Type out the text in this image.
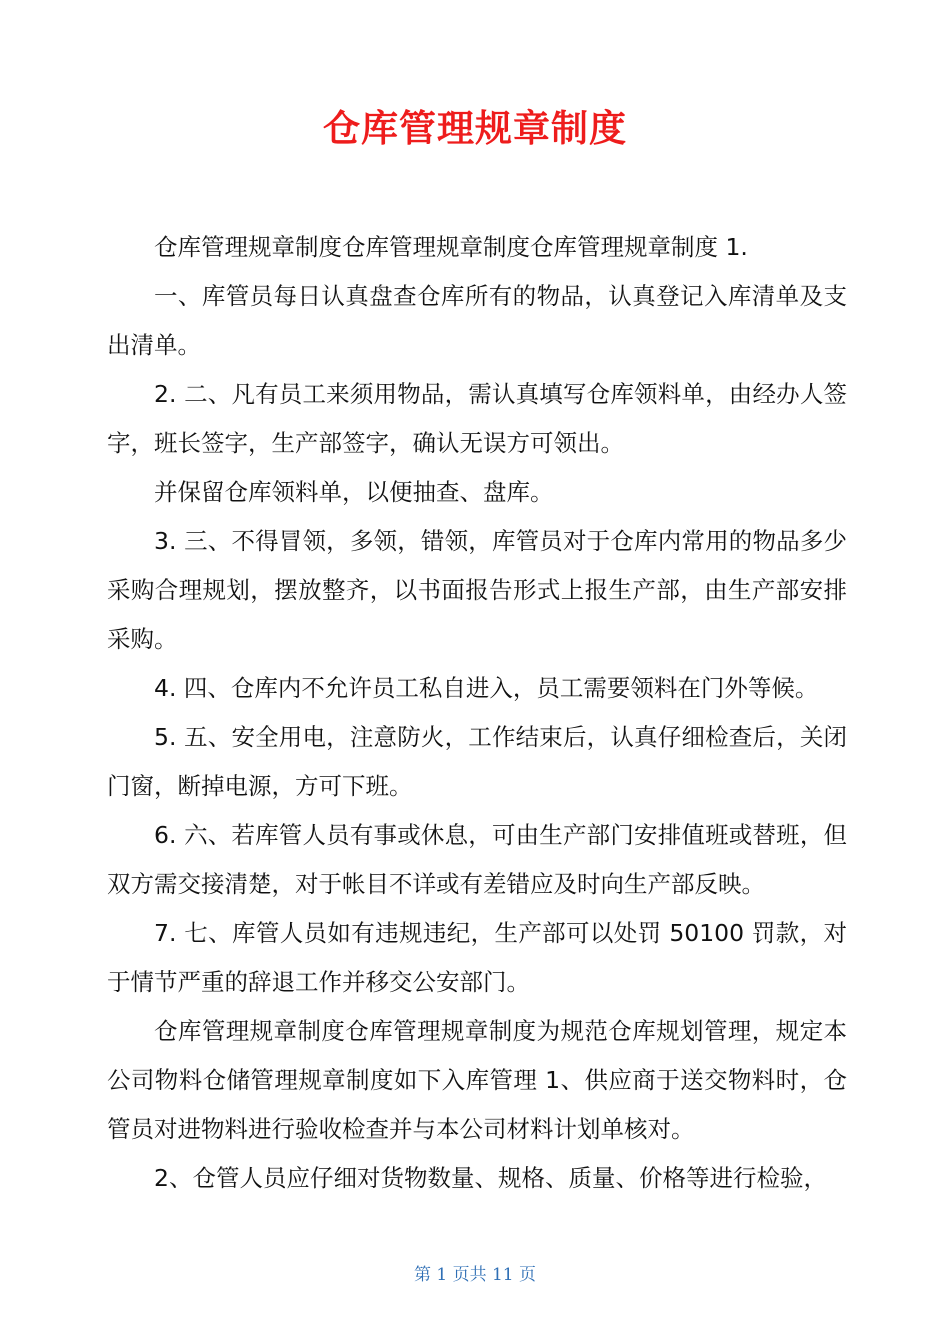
仓库管理规章制度

仓库管理规章制度仓库管理规章制度仓库管理规章制度 1.

一、库管员每日认真盘查仓库所有的物品，认真登记入库清单及支出清单。

2. 二、凡有员工来须用物品，需认真填写仓库领料单，由经办人签字，班长签字，生产部签字，确认无误方可领出。

并保留仓库领料单，以便抽查、盘库。

3. 三、不得冒领，多领，错领，库管员对于仓库内常用的物品多少采购合理规划，摆放整齐，以书面报告形式上报生产部，由生产部安排采购。

4. 四、仓库内不允许员工私自进入，员工需要领料在门外等候。

5. 五、安全用电，注意防火，工作结束后，认真仔细检查后，关闭门窗，断掉电源，方可下班。

6. 六、若库管人员有事或休息，可由生产部门安排值班或替班，但双方需交接清楚，对于帐目不详或有差错应及时向生产部反映。

7. 七、库管人员如有违规违纪，生产部可以处罚 50100 罚款，对于情节严重的辞退工作并移交公安部门。

仓库管理规章制度仓库管理规章制度为规范仓库规划管理，规定本公司物料仓储管理规章制度如下入库管理 1、供应商于送交物料时，仓管员对进物料进行验收检查并与本公司材料计划单核对。

2、仓管人员应仔细对货物数量、规格、质量、价格等进行检验，

第 1 页共 11 页
